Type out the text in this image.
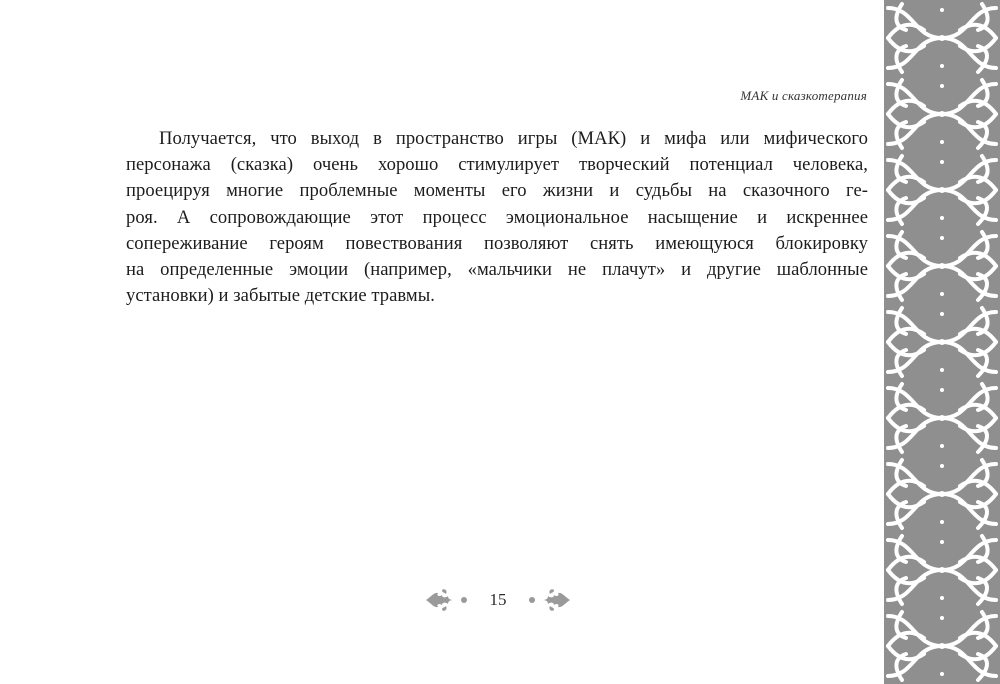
МАК и сказкотерапия

Получается, что выход в пространство игры (МАК) и мифа или мифического
персонажа (сказка) очень хорошо стимулирует творческий потенциал человека,
проецируя многие проблемные моменты его жизни и судьбы на сказочного ге-
роя. А сопровождающие этот процесс эмоциональное насыщение и искреннее
сопереживание героям повествования позволяют снять имеющуюся блокировку
на определенные эмоции (например, «мальчики не плачут» и другие шаблонные
установки) и забытые детские травмы.

15
